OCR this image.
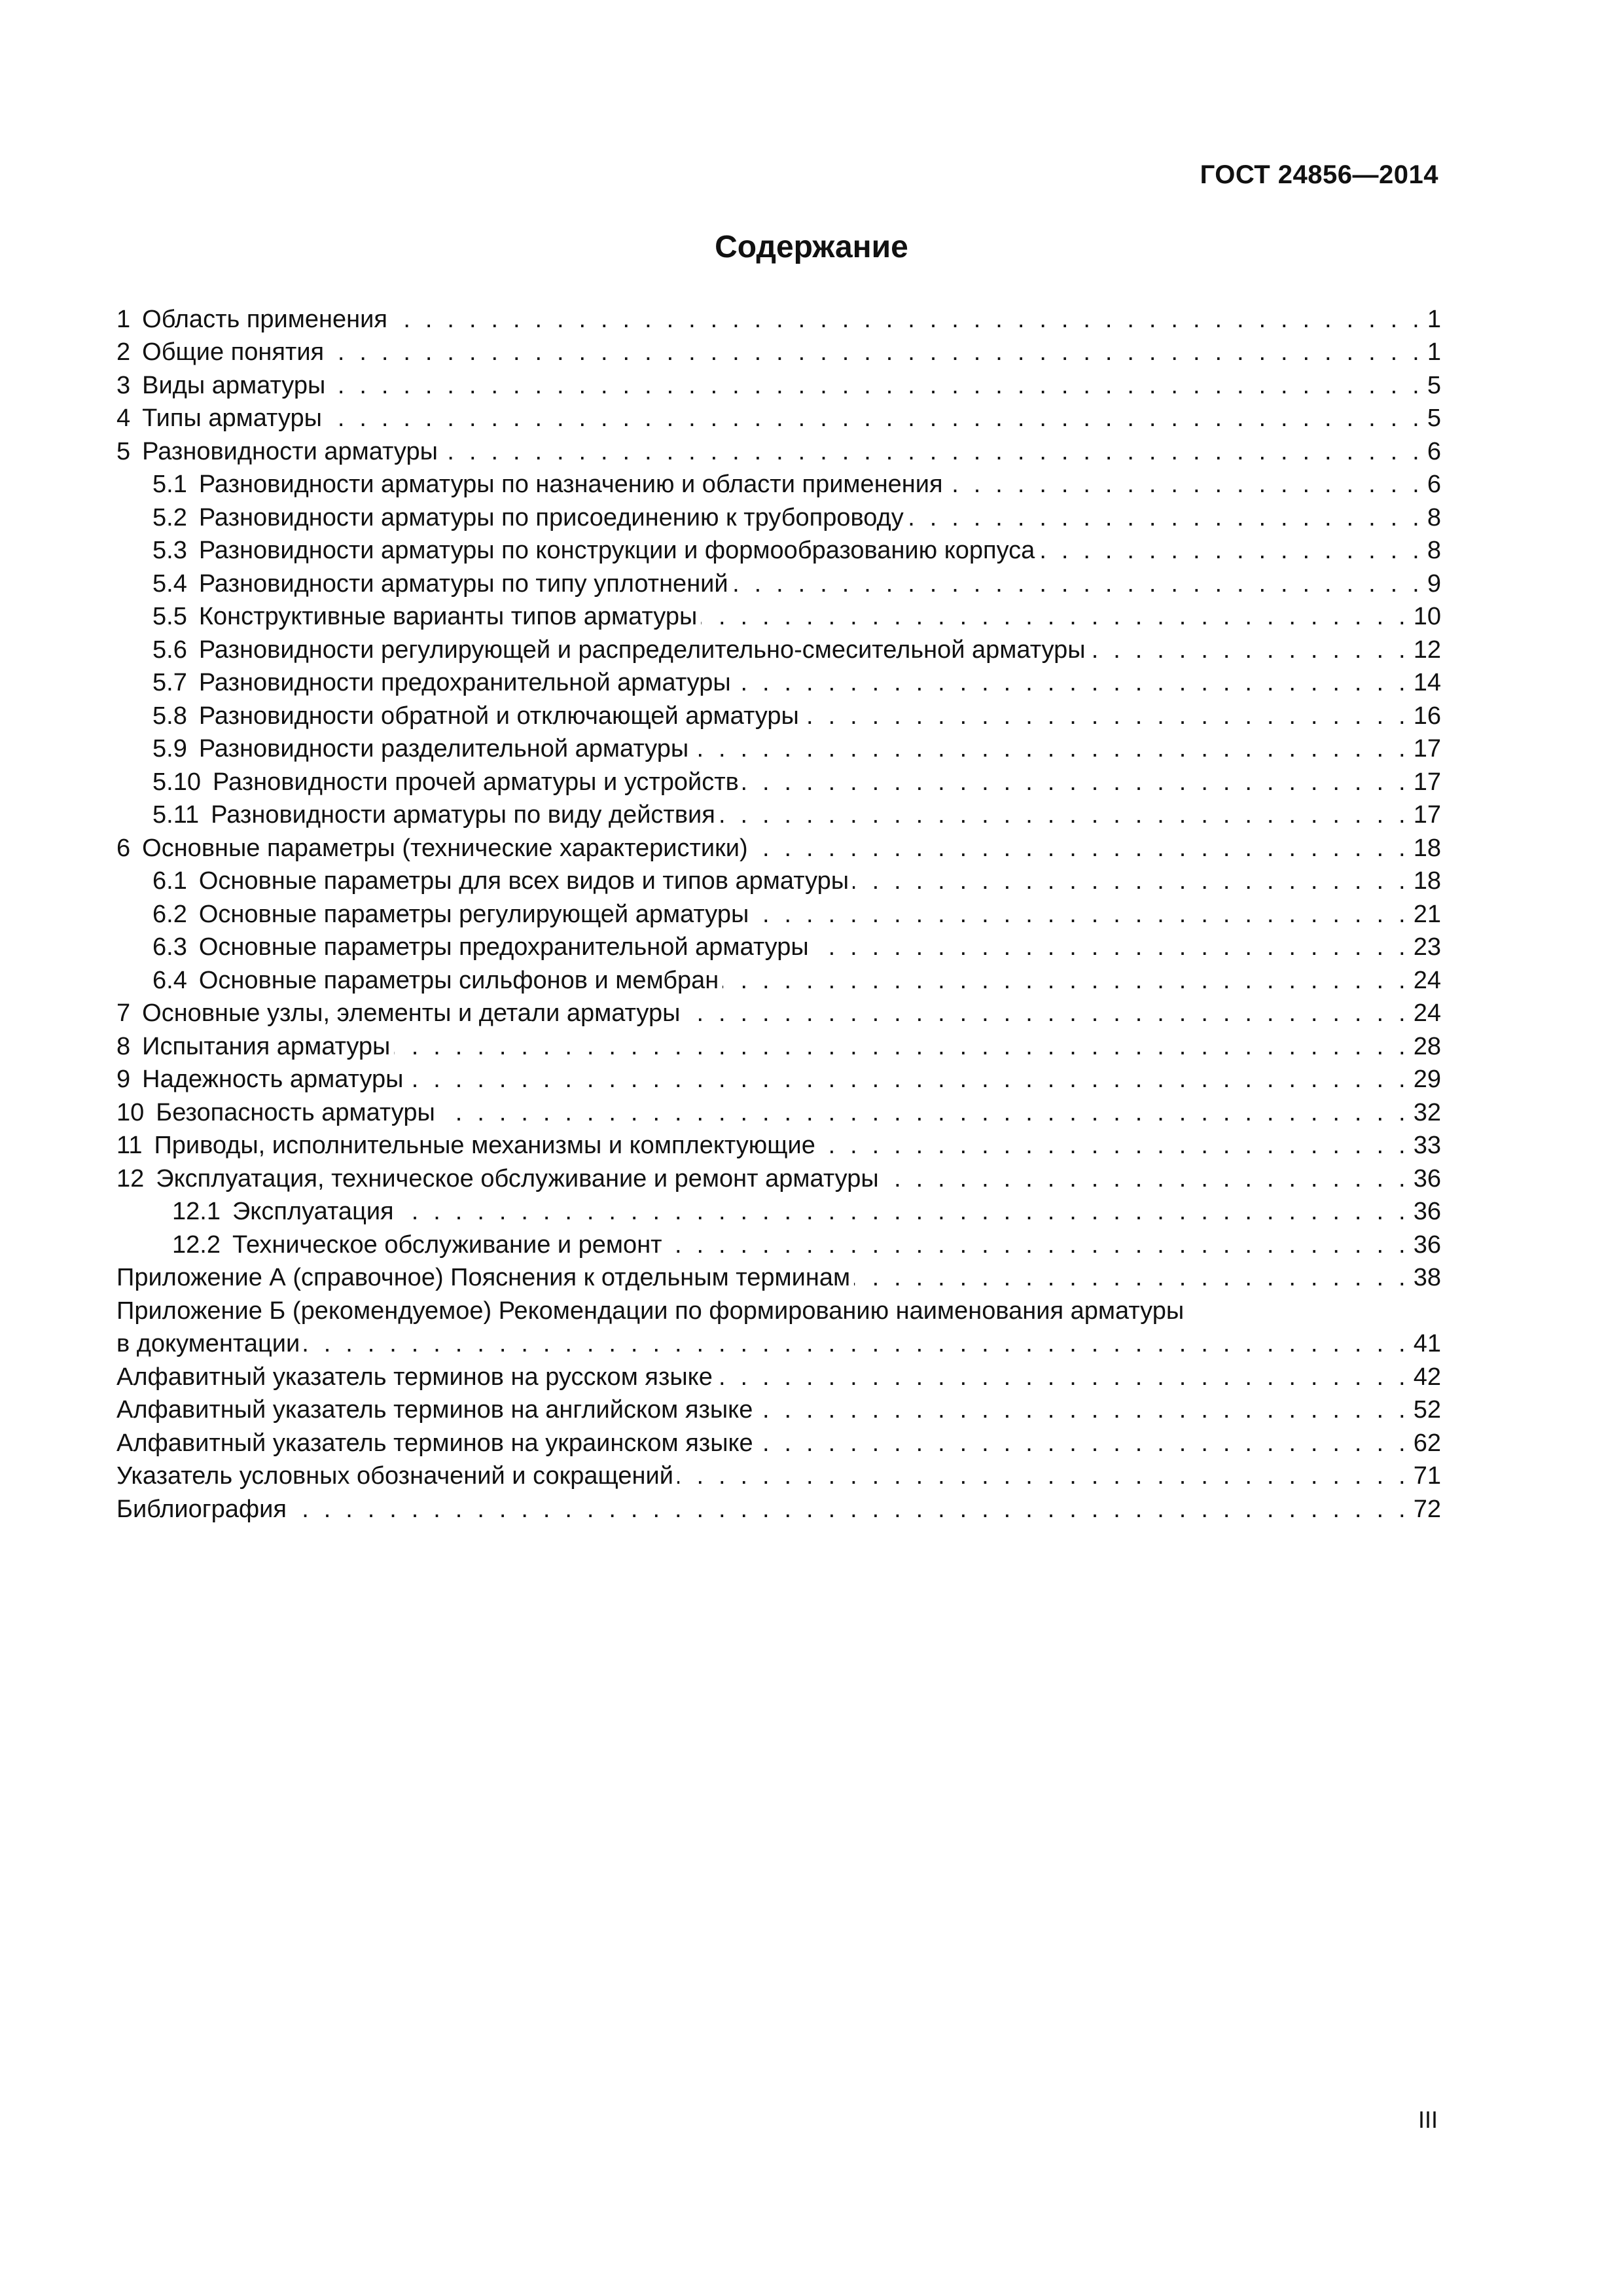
ГОСТ 24856—2014
Содержание
1 Область применения . . .	1
2 Общие понятия . . .	1
3 Виды арматуры . . .	5
4 Типы арматуры . . .	5
5 Разновидности арматуры . . .	6
5.1 Разновидности арматуры по назначению и области применения . . .	6
5.2 Разновидности арматуры по присоединению к трубопроводу . . .	8
5.3 Разновидности арматуры по конструкции и формообразованию корпуса . . .	8
5.4 Разновидности арматуры по типу уплотнений . . .	9
5.5 Конструктивные варианты типов арматуры . . .	10
5.6 Разновидности регулирующей и распределительно-смесительной арматуры . . .	12
5.7 Разновидности предохранительной арматуры . . .	14
5.8 Разновидности обратной и отключающей арматуры . . .	16
5.9 Разновидности разделительной арматуры . . .	17
5.10 Разновидности прочей арматуры и устройств . . .	17
5.11 Разновидности арматуры по виду действия . . .	17
6 Основные параметры (технические характеристики) . . .	18
6.1 Основные параметры для всех видов и типов арматуры . . .	18
6.2 Основные параметры регулирующей арматуры . . .	21
6.3 Основные параметры предохранительной арматуры . . .	23
6.4 Основные параметры сильфонов и мембран . . .	24
7 Основные узлы, элементы и детали арматуры . . .	24
8 Испытания арматуры . . .	28
9 Надежность арматуры . . .	29
10 Безопасность арматуры . . .	32
11 Приводы, исполнительные механизмы и комплектующие . . .	33
12 Эксплуатация, техническое обслуживание и ремонт арматуры . . .	36
12.1 Эксплуатация . . .	36
12.2 Техническое обслуживание и ремонт . . .	36
Приложение А (справочное) Пояснения к отдельным терминам . . .	38
Приложение Б (рекомендуемое) Рекомендации по формированию наименования арматуры
в документации . . .	41
Алфавитный указатель терминов на русском языке . . .	42
Алфавитный указатель терминов на английском языке . . .	52
Алфавитный указатель терминов на украинском языке . . .	62
Указатель условных обозначений и сокращений . . .	71
Библиография . . .	72
III
